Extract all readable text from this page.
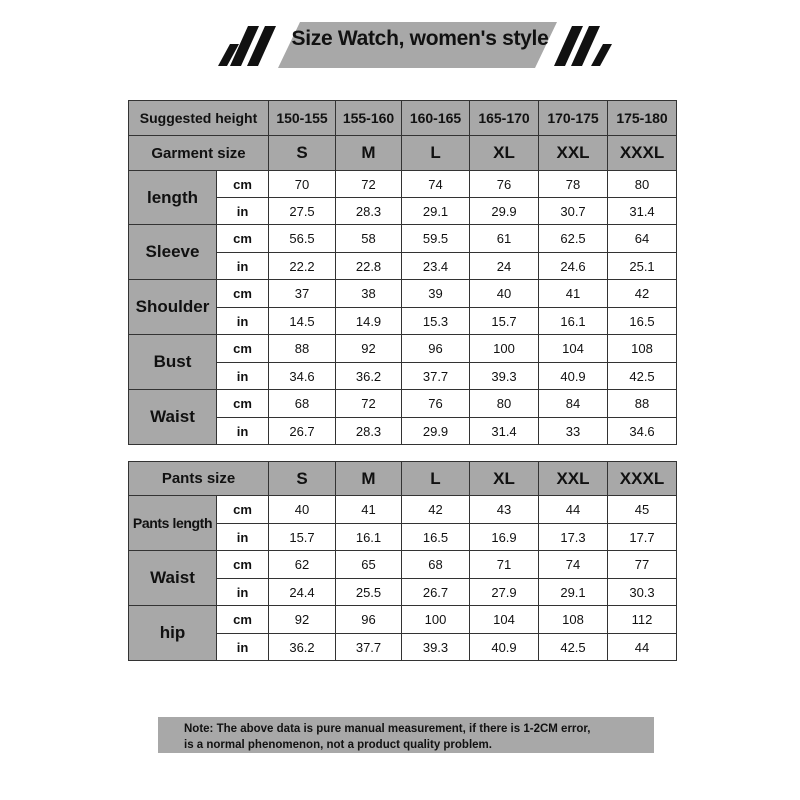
Size Watch, women's style
Suggested height		150-155	155-160	160-165	165-170	170-175	175-180
Garment size		S	M	L	XL	XXL	XXXL
length	cm	70	72	74	76	78	80
	in	27.5	28.3	29.1	29.9	30.7	31.4
Sleeve	cm	56.5	58	59.5	61	62.5	64
	in	22.2	22.8	23.4	24	24.6	25.1
Shoulder	cm	37	38	39	40	41	42
	in	14.5	14.9	15.3	15.7	16.1	16.5
Bust	cm	88	92	96	100	104	108
	in	34.6	36.2	37.7	39.3	40.9	42.5
Waist	cm	68	72	76	80	84	88
	in	26.7	28.3	29.9	31.4	33	34.6
Pants size		S	M	L	XL	XXL	XXXL
Pants length	cm	40	41	42	43	44	45
	in	15.7	16.1	16.5	16.9	17.3	17.7
Waist	cm	62	65	68	71	74	77
	in	24.4	25.5	26.7	27.9	29.1	30.3
hip	cm	92	96	100	104	108	112
	in	36.2	37.7	39.3	40.9	42.5	44
Note: The above data is pure manual measurement, if there is 1-2CM error,
is a normal phenomenon, not a product quality problem.
